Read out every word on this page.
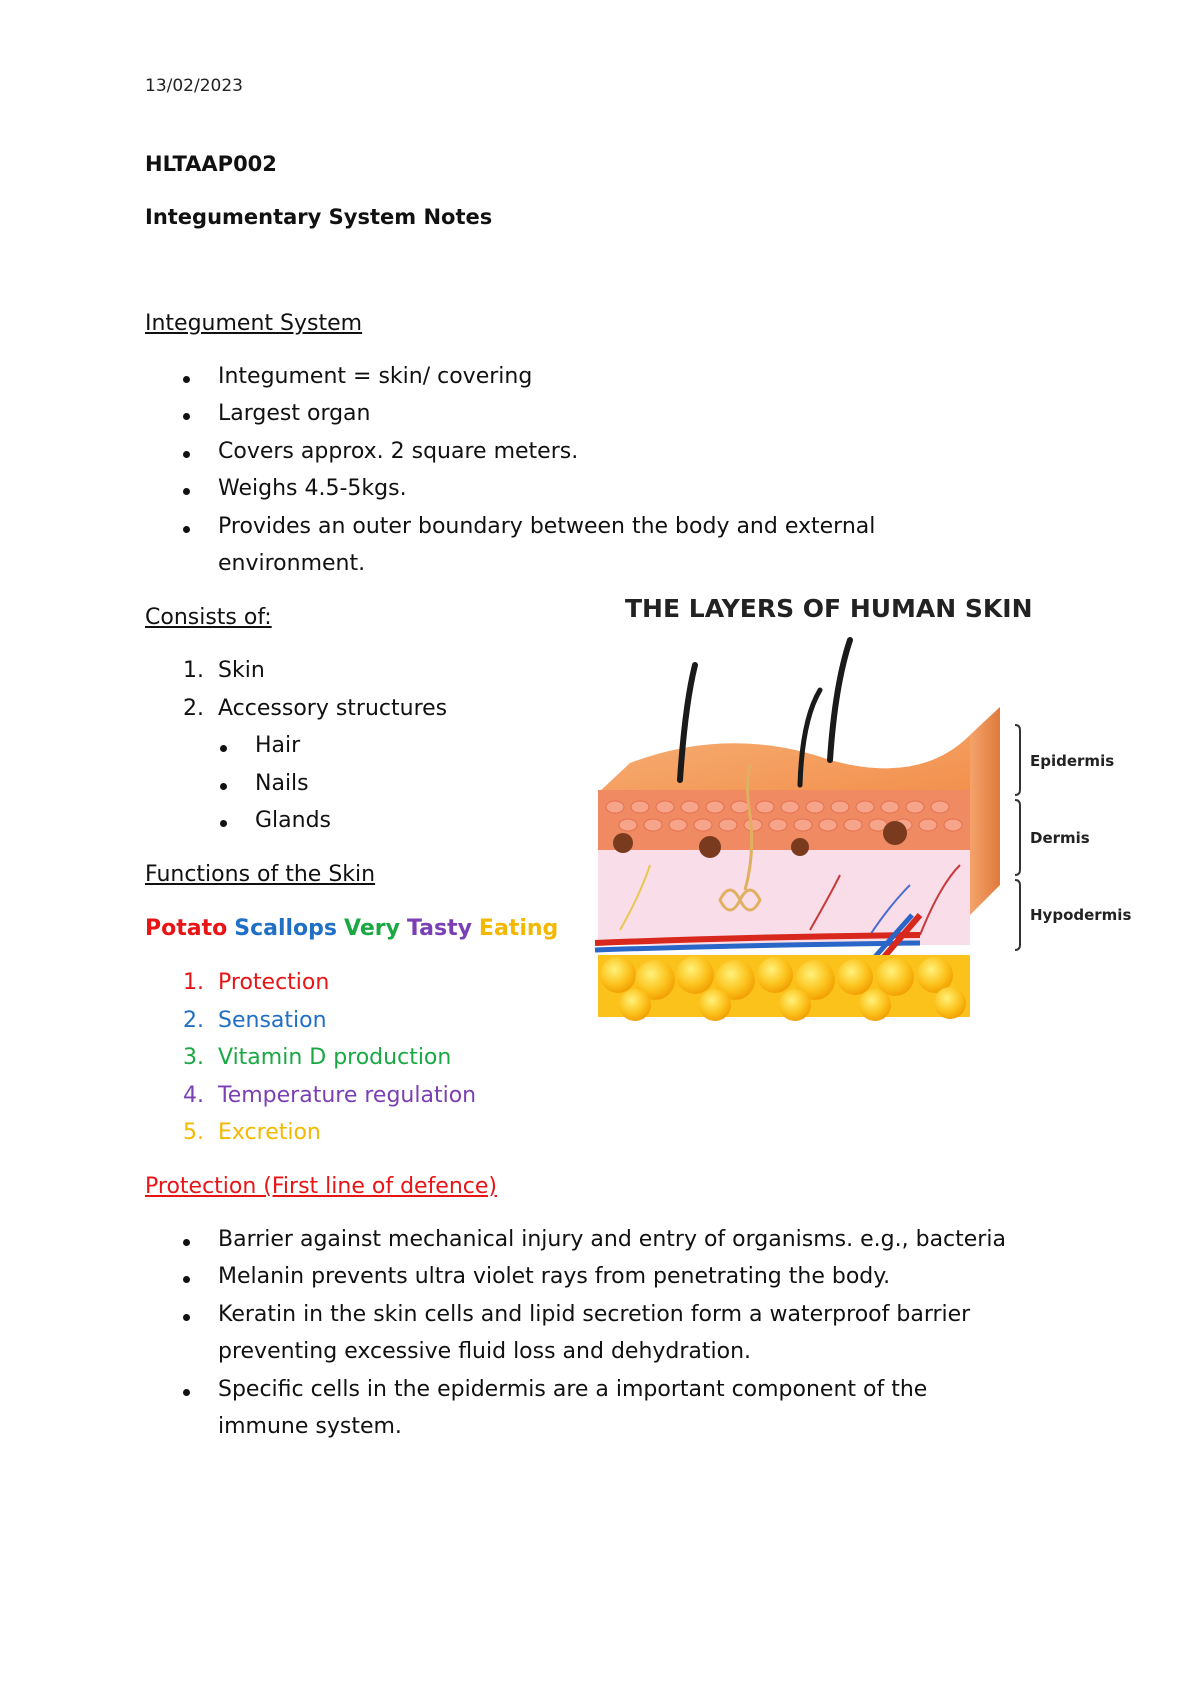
13/02/2023
HLTAAP002
Integumentary System Notes
Integument System
Integument = skin/ covering
Largest organ
Covers approx. 2 square meters.
Weighs 4.5-5kgs.
Provides an outer boundary between the body and external
environment.
Consists of:
1. Skin
2. Accessory structures
Hair
Nails
Glands
Functions of the Skin
Potato Scallops Very Tasty Eating
1. Protection
2. Sensation
3. Vitamin D production
4. Temperature regulation
5. Excretion
Protection (First line of defence)
Barrier against mechanical injury and entry of organisms. e.g., bacteria
Melanin prevents ultra violet rays from penetrating the body.
Keratin in the skin cells and lipid secretion form a waterproof barrier
preventing excessive fluid loss and dehydration.
Specific cells in the epidermis are a important component of the
immune system.
THE LAYERS OF HUMAN SKIN
Epidermis
Dermis
Hypodermis
